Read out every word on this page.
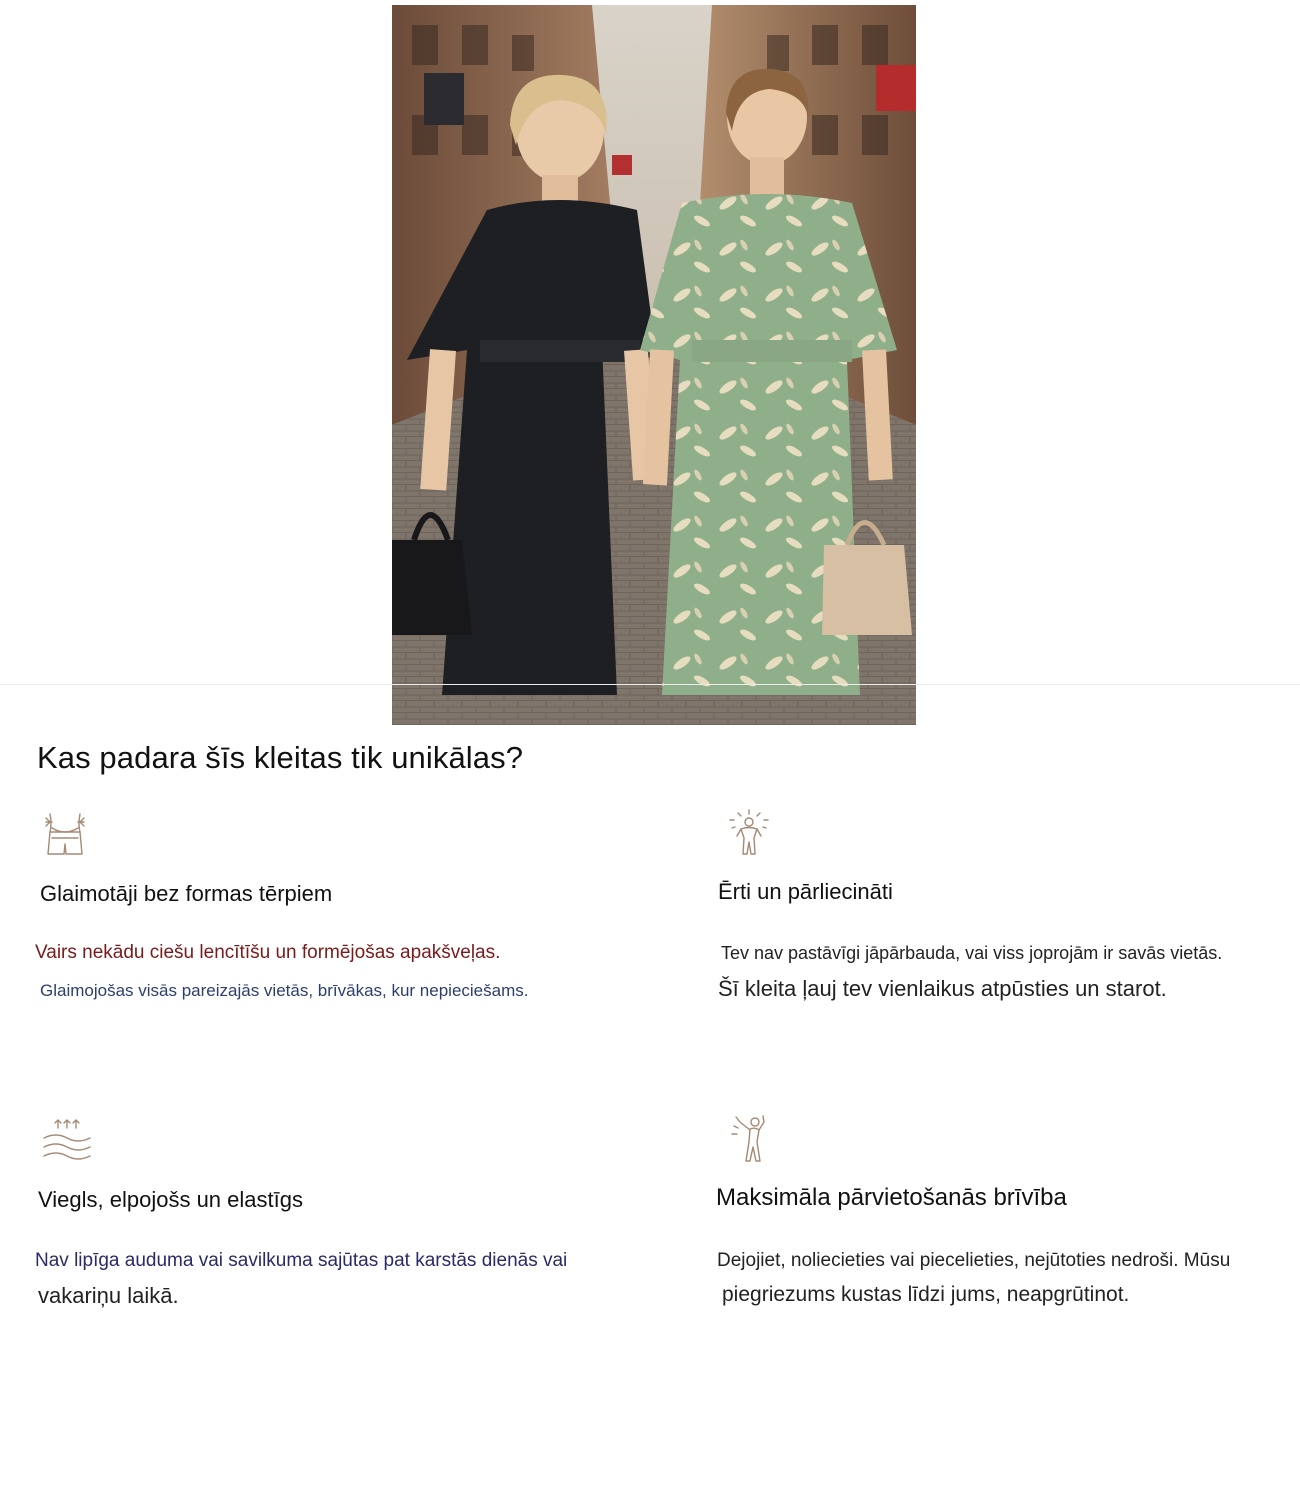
Kas padara šīs kleitas tik unikālas?

Glaimotāji bez formas tērpiem

Vairs nekādu ciešu lencītīšu un formējošas apakšveļas.

Glaimojošas visās pareizajās vietās, brīvākas, kur nepieciešams.

Ērti un pārliecināti

Tev nav pastāvīgi jāpārbauda, vai viss joprojām ir savās vietās.

Šī kleita ļauj tev vienlaikus atpūsties un starot.

Viegls, elpojošs un elastīgs

Nav lipīga auduma vai savilkuma sajūtas pat karstās dienās vai

vakariņu laikā.

Maksimāla pārvietošanās brīvība

Dejojiet, noliecieties vai piecelieties, nejūtoties nedroši. Mūsu

piegriezums kustas līdzi jums, neapgrūtinot.
